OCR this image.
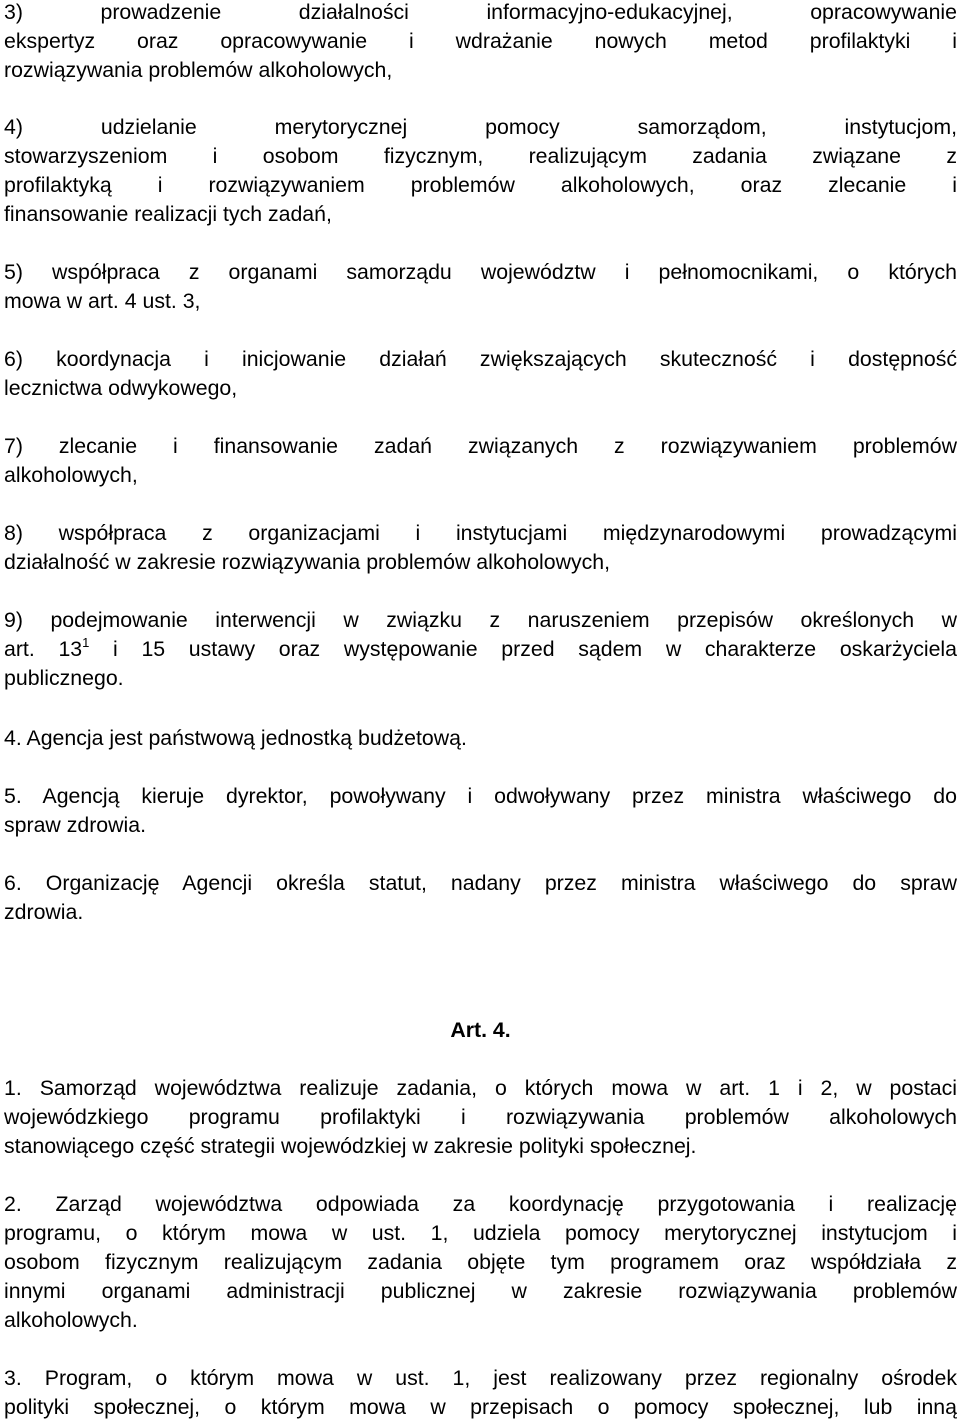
3) prowadzenie działalności informacyjno-edukacyjnej, opracowywanie
ekspertyz oraz opracowywanie i wdrażanie nowych metod profilaktyki i
rozwiązywania problemów alkoholowych,
4) udzielanie merytorycznej pomocy samorządom, instytucjom,
stowarzyszeniom i osobom fizycznym, realizującym zadania związane z
profilaktyką i rozwiązywaniem problemów alkoholowych, oraz zlecanie i
finansowanie realizacji tych zadań,
5) współpraca z organami samorządu województw i pełnomocnikami, o których
mowa w art. 4 ust. 3,
6) koordynacja i inicjowanie działań zwiększających skuteczność i dostępność
lecznictwa odwykowego,
7) zlecanie i finansowanie zadań związanych z rozwiązywaniem problemów
alkoholowych,
8) współpraca z organizacjami i instytucjami międzynarodowymi prowadzącymi
działalność w zakresie rozwiązywania problemów alkoholowych,
9) podejmowanie interwencji w związku z naruszeniem przepisów określonych w
art. $13^1$ i 15 ustawy oraz występowanie przed sądem w charakterze oskarżyciela
publicznego.
4. Agencja jest państwową jednostką budżetową.
5. Agencją kieruje dyrektor, powoływany i odwoływany przez ministra właściwego do
spraw zdrowia.
6. Organizację Agencji określa statut, nadany przez ministra właściwego do spraw
zdrowia.
Art. 4.
1. Samorząd województwa realizuje zadania, o których mowa w art. 1 i 2, w postaci
wojewódzkiego programu profilaktyki i rozwiązywania problemów alkoholowych
stanowiącego część strategii wojewódzkiej w zakresie polityki społecznej.
2. Zarząd województwa odpowiada za koordynację przygotowania i realizację
programu, o którym mowa w ust. 1, udziela pomocy merytorycznej instytucjom i
osobom fizycznym realizującym zadania objęte tym programem oraz współdziała z
innymi organami administracji publicznej w zakresie rozwiązywania problemów
alkoholowych.
3. Program, o którym mowa w ust. 1, jest realizowany przez regionalny ośrodek
polityki społecznej, o którym mowa w przepisach o pomocy społecznej, lub inną
